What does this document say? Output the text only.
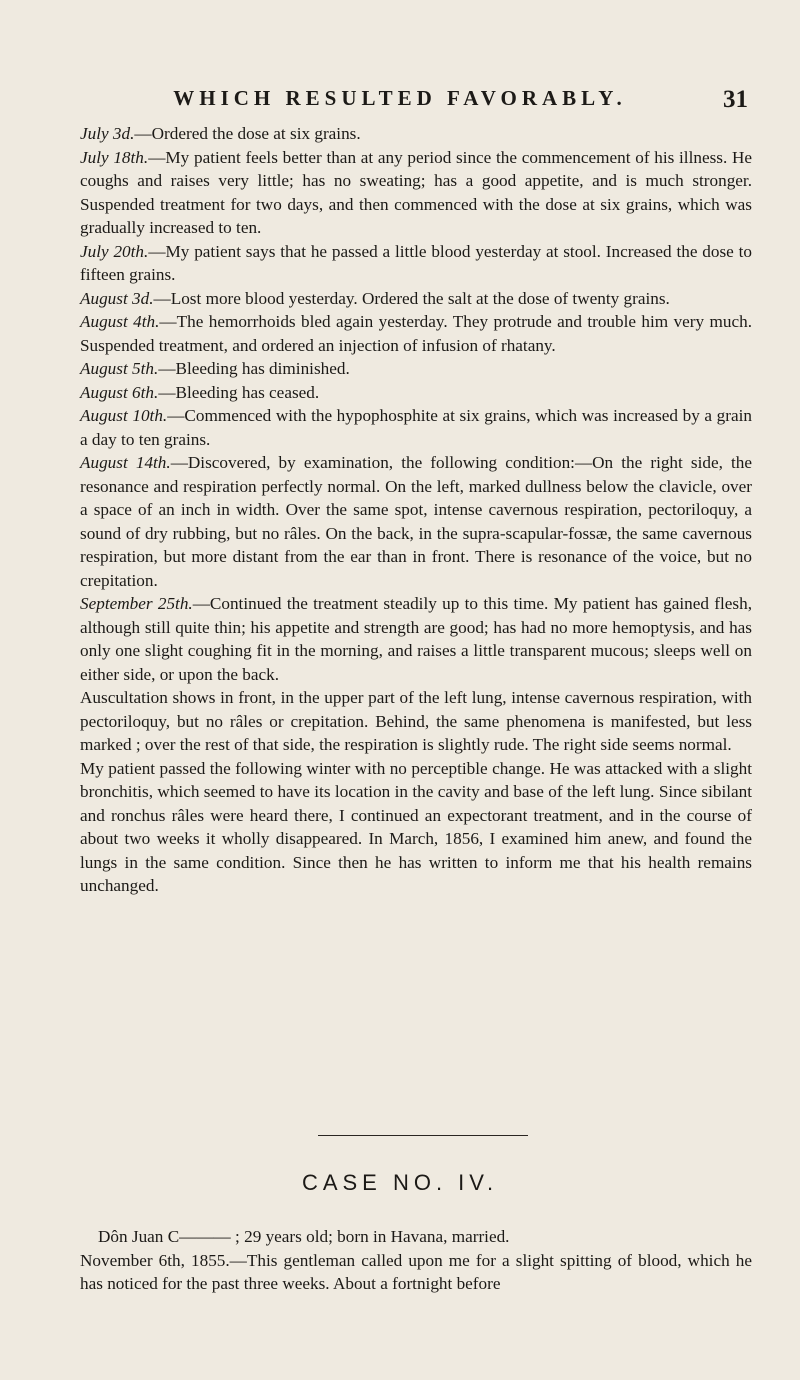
WHICH RESULTED FAVORABLY.	31

July 3d.—Ordered the dose at six grains.

July 18th.—My patient feels better than at any period since the commencement of his illness. He coughs and raises very little; has no sweating; has a good appetite, and is much stronger. Suspended treatment for two days, and then commenced with the dose at six grains, which was gradually increased to ten.

July 20th.—My patient says that he passed a little blood yesterday at stool. Increased the dose to fifteen grains.

August 3d.—Lost more blood yesterday. Ordered the salt at the dose of twenty grains.

August 4th.—The hemorrhoids bled again yesterday. They protrude and trouble him very much. Suspended treatment, and ordered an injection of infusion of rhatany.

August 5th.—Bleeding has diminished.

August 6th.—Bleeding has ceased.

August 10th.—Commenced with the hypophosphite at six grains, which was increased by a grain a day to ten grains.

August 14th.—Discovered, by examination, the following condition:—On the right side, the resonance and respiration perfectly normal. On the left, marked dullness below the clavicle, over a space of an inch in width. Over the same spot, intense cavernous respiration, pectoriloquy, a sound of dry rubbing, but no râles. On the back, in the supra-scapular-fossæ, the same cavernous respiration, but more distant from the ear than in front. There is resonance of the voice, but no crepitation.

September 25th.—Continued the treatment steadily up to this time. My patient has gained flesh, although still quite thin; his appetite and strength are good; has had no more hemoptysis, and has only one slight coughing fit in the morning, and raises a little transparent mucous; sleeps well on either side, or upon the back.

Auscultation shows in front, in the upper part of the left lung, intense cavernous respiration, with pectoriloquy, but no râles or crepitation. Behind, the same phenomena is manifested, but less marked ; over the rest of that side, the respiration is slightly rude. The right side seems normal.

My patient passed the following winter with no perceptible change. He was attacked with a slight bronchitis, which seemed to have its location in the cavity and base of the left lung. Since sibilant and ronchus râles were heard there, I continued an expectorant treatment, and in the course of about two weeks it wholly disappeared. In March, 1856, I examined him anew, and found the lungs in the same condition. Since then he has written to inform me that his health remains unchanged.

CASE NO. IV.

Dôn Juan C——— ; 29 years old; born in Havana, married.

November 6th, 1855.—This gentleman called upon me for a slight spitting of blood, which he has noticed for the past three weeks. About a fortnight before
